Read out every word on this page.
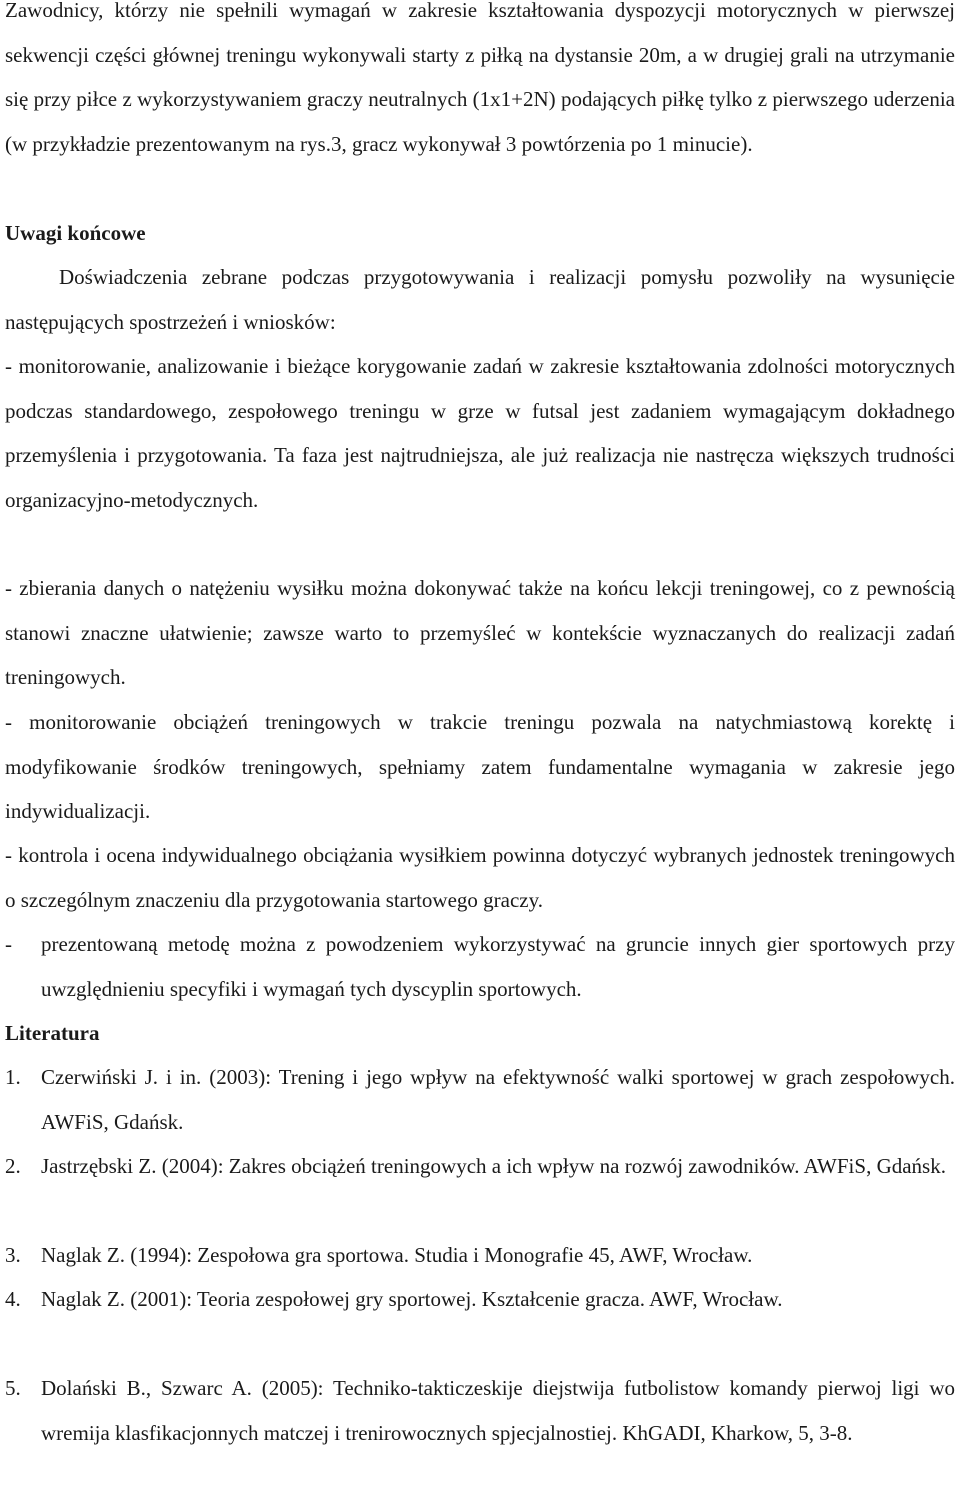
Zawodnicy, którzy nie spełnili wymagań w zakresie kształtowania dyspozycji motorycznych w pierwszej sekwencji części głównej treningu wykonywali starty z piłką na dystansie 20m, a w drugiej grali na utrzymanie się przy piłce z wykorzystywaniem graczy neutralnych (1x1+2N) podających piłkę tylko z pierwszego uderzenia (w przykładzie prezentowanym na rys.3, gracz wykonywał 3 powtórzenia po 1 minucie).

Uwagi końcowe

Doświadczenia zebrane podczas przygotowywania i realizacji pomysłu pozwoliły na wysunięcie następujących spostrzeżeń i wniosków:

- monitorowanie, analizowanie i bieżące korygowanie zadań w zakresie kształtowania zdolności motorycznych podczas standardowego, zespołowego treningu w grze w futsal jest zadaniem wymagającym dokładnego przemyślenia i przygotowania. Ta faza jest najtrudniejsza, ale już realizacja nie nastręcza większych trudności organizacyjno-metodycznych.

- zbierania danych o natężeniu wysiłku można dokonywać także na końcu lekcji treningowej, co z pewnością stanowi znaczne ułatwienie; zawsze warto to przemyśleć w kontekście wyznaczanych do realizacji zadań treningowych.

- monitorowanie obciążeń treningowych w trakcie treningu pozwala na natychmiastową korektę i modyfikowanie środków treningowych, spełniamy zatem fundamentalne wymagania w zakresie jego indywidualizacji.

- kontrola i ocena indywidualnego obciążania wysiłkiem powinna dotyczyć wybranych jednostek treningowych o szczególnym znaczeniu dla przygotowania startowego graczy.

- prezentowaną metodę można z powodzeniem wykorzystywać na gruncie innych gier sportowych przy uwzględnieniu specyfiki i wymagań tych dyscyplin sportowych.
Literatura
1. Czerwiński J. i in. (2003): Trening i jego wpływ na efektywność walki sportowej w grach zespołowych. AWFiS, Gdańsk.
2. Jastrzębski Z. (2004): Zakres obciążeń treningowych a ich wpływ na rozwój zawodników. AWFiS, Gdańsk.
3. Naglak Z. (1994): Zespołowa gra sportowa. Studia i Monografie 45, AWF, Wrocław.
4. Naglak Z. (2001): Teoria zespołowej gry sportowej. Kształcenie gracza. AWF, Wrocław.
5. Dolański B., Szwarc A. (2005): Techniko-takticzeskije diejstwija futbolistow komandy pierwoj ligi wo wremija klasfikacjonnych matczej i trenirowocznych spjecjalnostiej. KhGADI, Kharkow, 5, 3-8.
